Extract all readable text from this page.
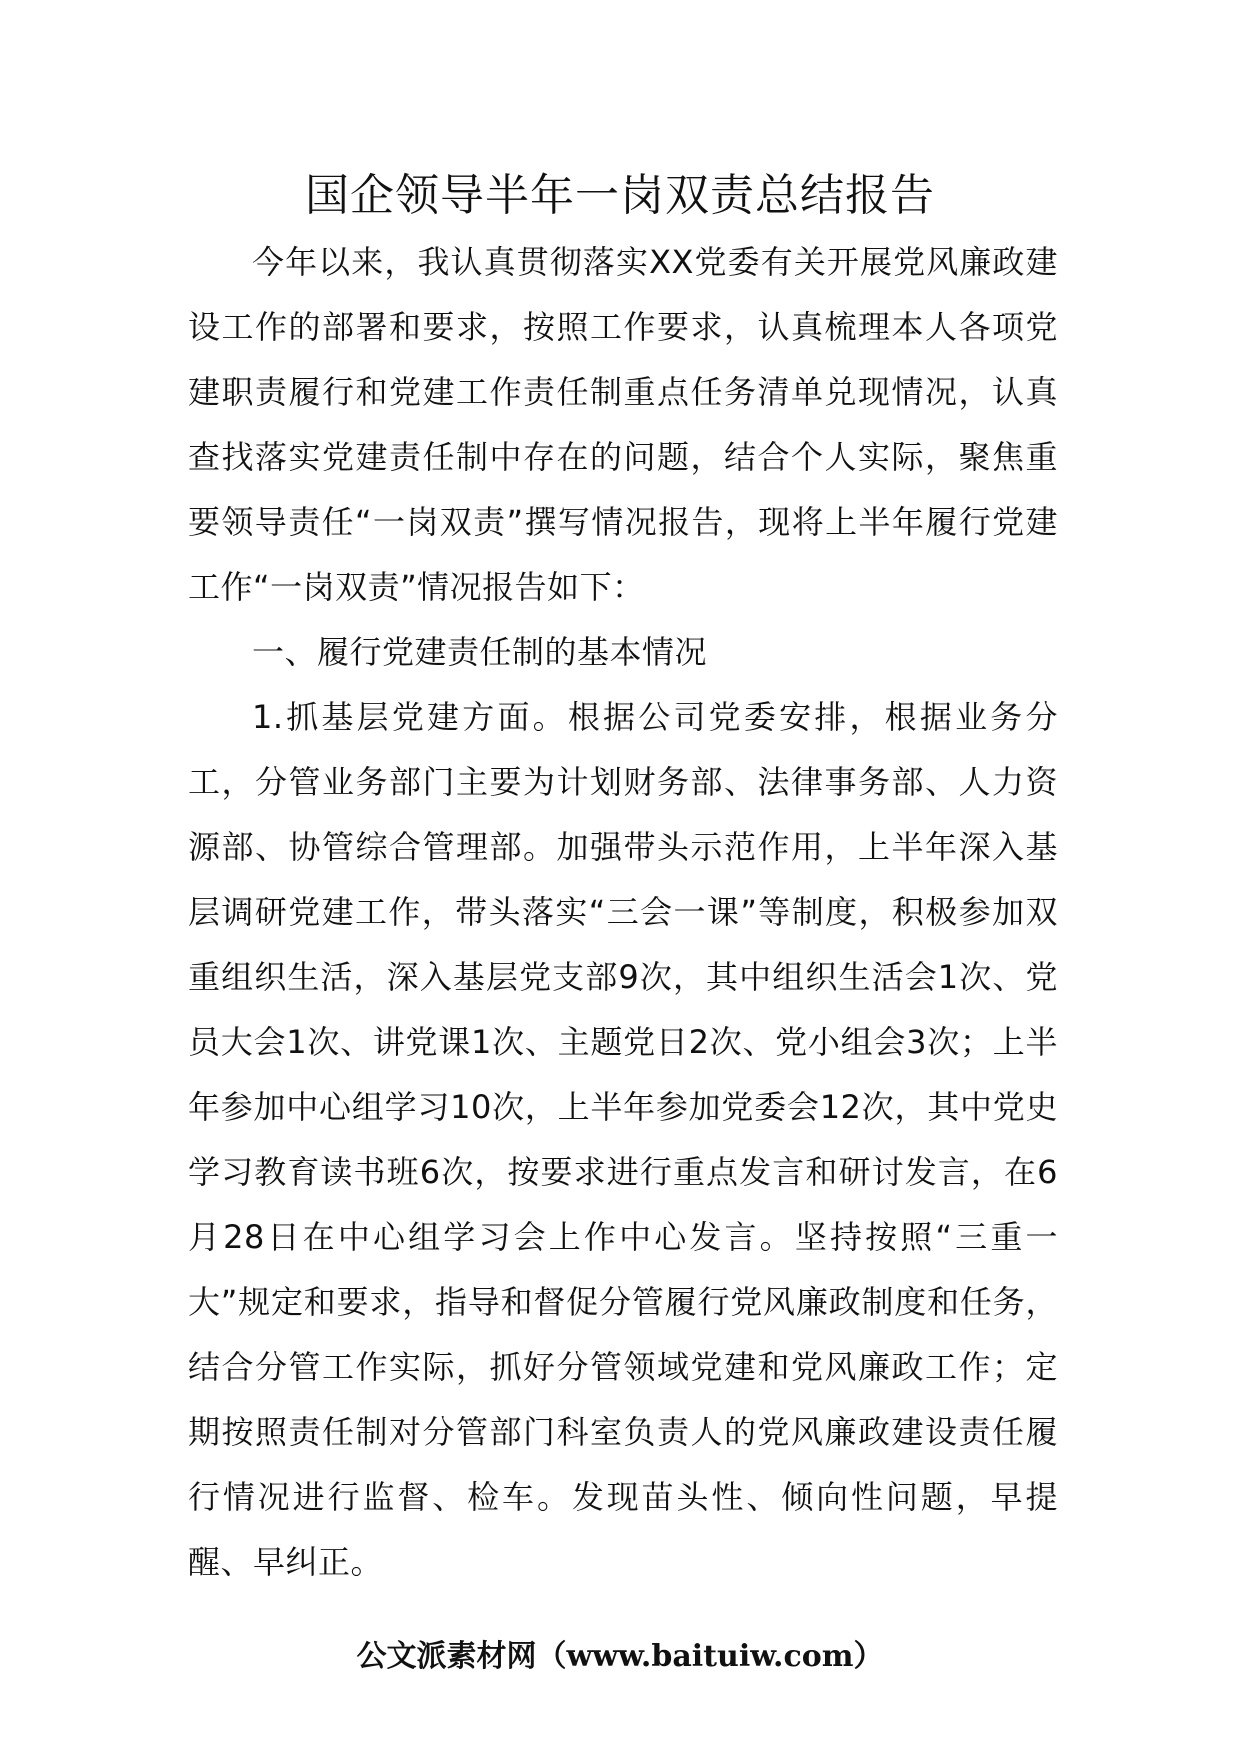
国企领导半年一岗双责总结报告

今年以来，我认真贯彻落实XX党委有关开展党风廉政建设工作的部署和要求，按照工作要求，认真梳理本人各项党建职责履行和党建工作责任制重点任务清单兑现情况，认真查找落实党建责任制中存在的问题，结合个人实际，聚焦重要领导责任“一岗双责”撰写情况报告，现将上半年履行党建工作“一岗双责”情况报告如下：

一、履行党建责任制的基本情况

1.抓基层党建方面。根据公司党委安排，根据业务分工，分管业务部门主要为计划财务部、法律事务部、人力资源部、协管综合管理部。加强带头示范作用，上半年深入基层调研党建工作，带头落实“三会一课”等制度，积极参加双重组织生活，深入基层党支部9次，其中组织生活会1次、党员大会1次、讲党课1次、主题党日2次、党小组会3次；上半年参加中心组学习10次，上半年参加党委会12次，其中党史学习教育读书班6次，按要求进行重点发言和研讨发言，在6月28日在中心组学习会上作中心发言。坚持按照“三重一大”规定和要求，指导和督促分管履行党风廉政制度和任务，结合分管工作实际，抓好分管领域党建和党风廉政工作；定期按照责任制对分管部门科室负责人的党风廉政建设责任履行情况进行监督、检车。发现苗头性、倾向性问题，早提醒、早纠正。

公文派素材网（www.baituiw.com）
